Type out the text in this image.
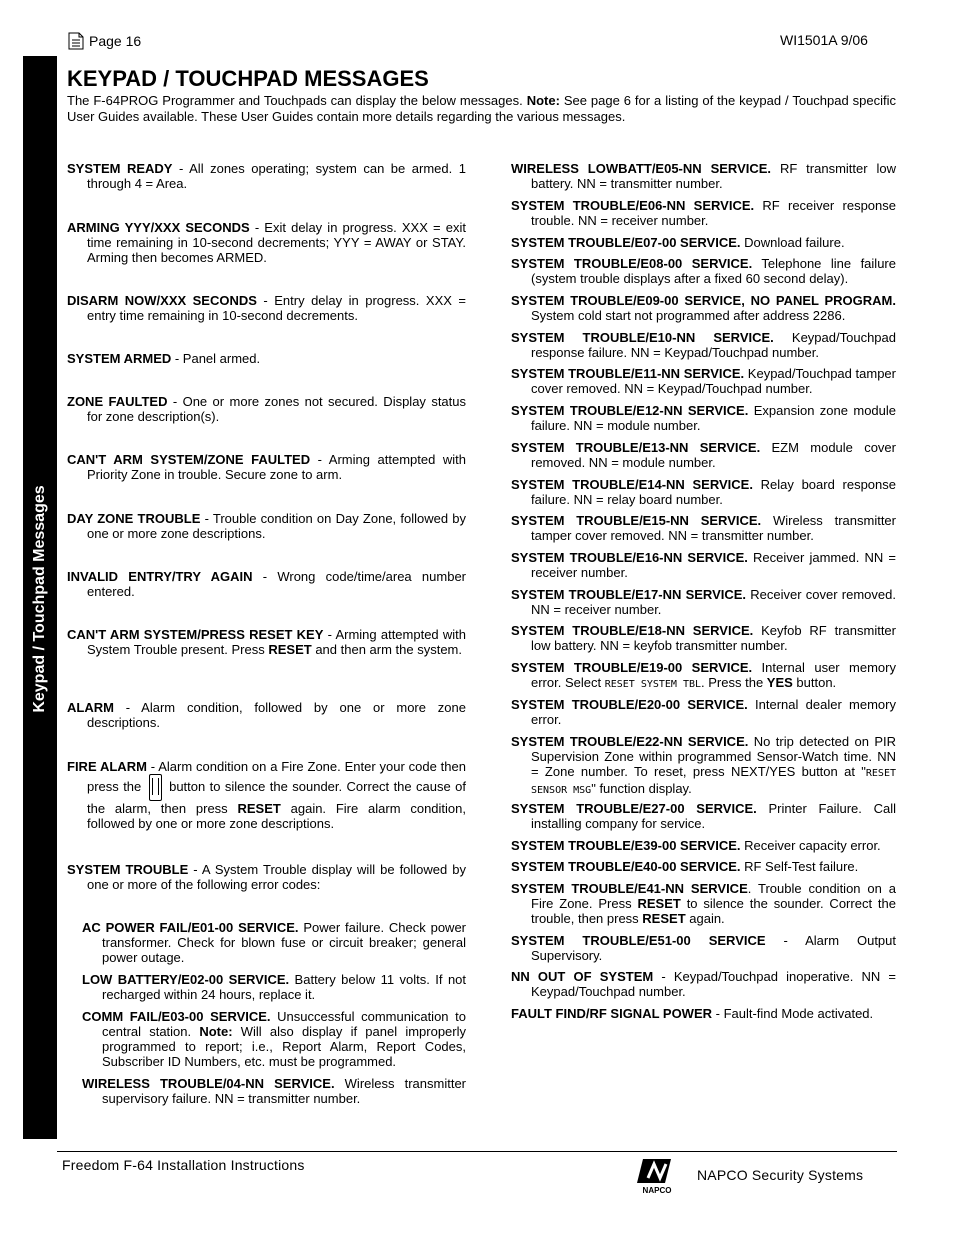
Page 16	WI1501A 9/06
Keypad / Touchpad Messages
KEYPAD / TOUCHPAD MESSAGES
The F-64PROG Programmer and Touchpads can display the below messages. Note: See page 6 for a listing of the keypad / Touchpad specific User Guides available. These User Guides contain more details regarding the various messages.

SYSTEM READY - All zones operating; system can be armed. 1 through 4 = Area.

ARMING YYY/XXX SECONDS - Exit delay in progress. XXX = exit time remaining in 10-second decrements; YYY = AWAY or STAY. Arming then becomes ARMED.

DISARM NOW/XXX SECONDS - Entry delay in progress. XXX = entry time remaining in 10-second decrements.

SYSTEM ARMED - Panel armed.

ZONE FAULTED - One or more zones not secured. Display status for zone description(s).

CAN'T ARM SYSTEM/ZONE FAULTED - Arming attempted with Priority Zone in trouble. Secure zone to arm.

DAY ZONE TROUBLE - Trouble condition on Day Zone, followed by one or more zone descriptions.

INVALID ENTRY/TRY AGAIN - Wrong code/time/area number entered.

CAN'T ARM SYSTEM/PRESS RESET KEY - Arming attempted with System Trouble present. Press RESET and then arm the system.

ALARM - Alarm condition, followed by one or more zone descriptions.

FIRE ALARM - Alarm condition on a Fire Zone. Enter your code then press the  button to silence the sounder. Correct the cause of the alarm, then press RESET again. Fire alarm condition, followed by one or more zone descriptions.

SYSTEM TROUBLE - A System Trouble display will be followed by one or more of the following error codes:

AC POWER FAIL/E01-00 SERVICE. Power failure. Check power transformer. Check for blown fuse or circuit breaker; general power outage.

LOW BATTERY/E02-00 SERVICE. Battery below 11 volts. If not recharged within 24 hours, replace it.

COMM FAIL/E03-00 SERVICE. Unsuccessful communication to central station. Note: Will also display if panel improperly programmed to report; i.e., Report Alarm, Report Codes, Subscriber ID Numbers, etc. must be programmed.

WIRELESS TROUBLE/04-NN SERVICE. Wireless transmitter supervisory failure. NN = transmitter number.

WIRELESS LOWBATT/E05-NN SERVICE. RF transmitter low battery. NN = transmitter number.

SYSTEM TROUBLE/E06-NN SERVICE. RF receiver response trouble. NN = receiver number.

SYSTEM TROUBLE/E07-00 SERVICE. Download failure.

SYSTEM TROUBLE/E08-00 SERVICE. Telephone line failure (system trouble displays after a fixed 60 second delay).

SYSTEM TROUBLE/E09-00 SERVICE, NO PANEL PROGRAM. System cold start not programmed after address 2286.

SYSTEM TROUBLE/E10-NN SERVICE. Keypad/Touchpad response failure. NN = Keypad/Touchpad number.

SYSTEM TROUBLE/E11-NN SERVICE. Keypad/Touchpad tamper cover removed. NN = Keypad/Touchpad number.

SYSTEM TROUBLE/E12-NN SERVICE. Expansion zone module failure. NN = module number.

SYSTEM TROUBLE/E13-NN SERVICE. EZM module cover removed. NN = module number.

SYSTEM TROUBLE/E14-NN SERVICE. Relay board response failure. NN = relay board number.

SYSTEM TROUBLE/E15-NN SERVICE. Wireless transmitter tamper cover removed. NN = transmitter number.

SYSTEM TROUBLE/E16-NN SERVICE. Receiver jammed. NN = receiver number.

SYSTEM TROUBLE/E17-NN SERVICE. Receiver cover removed. NN = receiver number.

SYSTEM TROUBLE/E18-NN SERVICE. Keyfob RF transmitter low battery. NN = keyfob transmitter number.

SYSTEM TROUBLE/E19-00 SERVICE. Internal user memory error. Select RESET SYSTEM TBL. Press the YES button.

SYSTEM TROUBLE/E20-00 SERVICE. Internal dealer memory error.

SYSTEM TROUBLE/E22-NN SERVICE. No trip detected on PIR Supervision Zone within programmed Sensor-Watch time. NN = Zone number. To reset, press NEXT/YES button at "RESET SENSOR MSG" function display.

SYSTEM TROUBLE/E27-00 SERVICE. Printer Failure. Call installing company for service.

SYSTEM TROUBLE/E39-00 SERVICE. Receiver capacity error.

SYSTEM TROUBLE/E40-00 SERVICE. RF Self-Test failure.

SYSTEM TROUBLE/E41-NN SERVICE. Trouble condition on a Fire Zone. Press RESET to silence the sounder. Correct the trouble, then press RESET again.

SYSTEM TROUBLE/E51-00 SERVICE - Alarm Output Supervisory.

NN OUT OF SYSTEM - Keypad/Touchpad inoperative. NN = Keypad/Touchpad number.

FAULT FIND/RF SIGNAL POWER - Fault-find Mode activated.

Freedom F-64 Installation Instructions
NAPCO
NAPCO Security Systems
